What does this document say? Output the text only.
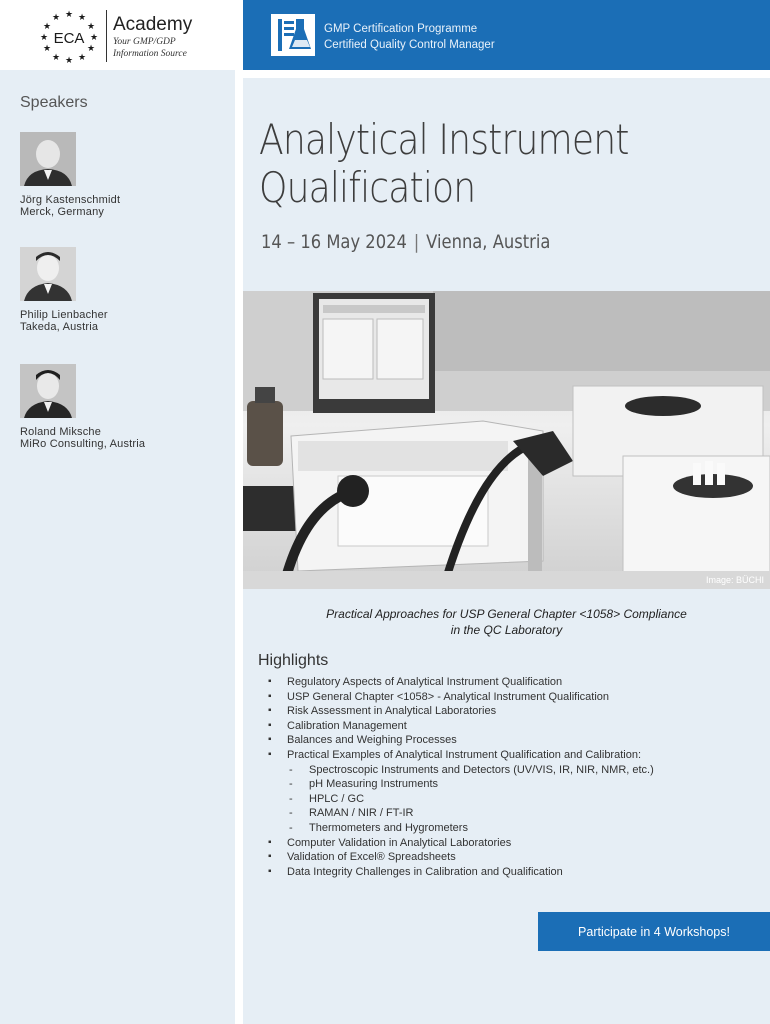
★ ★
★
★
★
★
★
★
★
★
★
★
ECA
Academy
Your GMP/GDP
Information Source
Speakers
Jörg Kastenschmidt
Merck, Germany
Philip Lienbacher
Takeda, Austria
Roland Miksche
MiRo Consulting, Austria
GMP Certification Programme
Certified Quality Control Manager
Analytical Instrument
Qualification
14 – 16 May 2024 | Vienna, Austria
Image: BÜCHI
Practical Approaches for USP General Chapter <1058> Compliance
in the QC Laboratory
Highlights
▪ Regulatory Aspects of Analytical Instrument Qualification
▪ USP General Chapter <1058> - Analytical Instrument Qualification
▪ Risk Assessment in Analytical Laboratories
▪ Calibration Management
▪ Balances and Weighing Processes
▪ Practical Examples of Analytical Instrument Qualification and Calibration:
- Spectroscopic Instruments and Detectors (UV/VIS, IR, NIR, NMR, etc.)
- pH Measuring Instruments
- HPLC / GC
- RAMAN / NIR / FT-IR
- Thermometers and Hygrometers
▪ Computer Validation in Analytical Laboratories
▪ Validation of Excel® Spreadsheets
▪ Data Integrity Challenges in Calibration and Qualification
Participate in 4 Workshops!
